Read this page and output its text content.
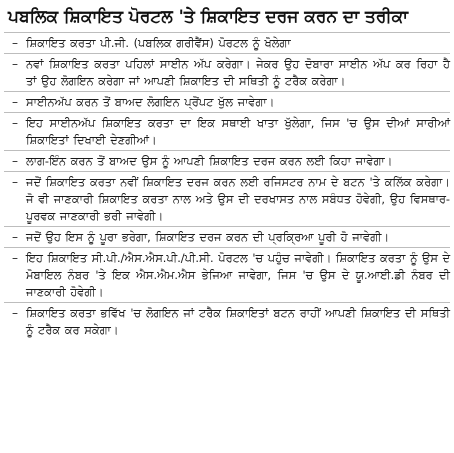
ਪਬਲਿਕ ਸ਼ਿਕਾਇਤ ਪੋਰਟਲ 'ਤੇ ਸ਼ਿਕਾਇਤ ਦਰਜ ਕਰਨ ਦਾ ਤਰੀਕਾ
– ਸ਼ਿਕਾਇਤ ਕਰਤਾ ਪੀ.ਜੀ. (ਪਬਲਿਕ ਗਰੀਵੈਂਸ) ਪੋਰਟਲ ਨੂੰ ਖੋਲੇਗਾ
– ਨਵਾਂ ਸ਼ਿਕਾਇਤ ਕਰਤਾ ਪਹਿਲਾਂ ਸਾਈਨ ਅੱਪ ਕਰੇਗਾ। ਜੇਕਰ ਉਹ ਦੋਬਾਰਾ ਸਾਈਨ ਅੱਪ ਕਰ ਰਿਹਾ ਹੈ ਤਾਂ ਉਹ ਲੋਗਇਨ ਕਰੇਗਾ ਜਾਂ ਆਪਣੀ ਸ਼ਿਕਾਇਤ ਦੀ ਸਥਿਤੀ ਨੂੰ ਟਰੈਕ ਕਰੇਗਾ।
– ਸਾਈਨਅੱਪ ਕਰਨ ਤੋਂ ਬਾਅਦ ਲੋਗਇਨ ਪ੍ਰੋਂਪਟ ਖੁੱਲ ਜਾਵੇਗਾ।
– ਇਹ ਸਾਈਨਅੱਪ ਸ਼ਿਕਾਇਤ ਕਰਤਾ ਦਾ ਇਕ ਸਥਾਈ ਖਾਤਾ ਖੁੱਲੇਗਾ, ਜਿਸ 'ਚ ਉਸ ਦੀਆਂ ਸਾਰੀਆਂ ਸ਼ਿਕਾਇਤਾਂ ਦਿਖਾਈ ਦੇਣਗੀਆਂ।
– ਲਾਗ-ਇੰਨ ਕਰਨ ਤੋਂ ਬਾਅਦ ਉਸ ਨੂੰ ਆਪਣੀ ਸ਼ਿਕਾਇਤ ਦਰਜ ਕਰਨ ਲਈ ਕਿਹਾ ਜਾਵੇਗਾ।
– ਜਦੋਂ ਸ਼ਿਕਾਇਤ ਕਰਤਾ ਨਵੀਂ ਸ਼ਿਕਾਇਤ ਦਰਜ ਕਰਨ ਲਈ ਰਜਿਸਟਰ ਨਾਮ ਦੇ ਬਟਨ 'ਤੇ ਕਲਿੱਕ ਕਰੇਗਾ। ਜੋ ਵੀ ਜਾਣਕਾਰੀ ਸ਼ਿਕਾਇਤ ਕਰਤਾ ਨਾਲ ਅਤੇ ਉਸ ਦੀ ਦਰਖਾਸਤ ਨਾਲ ਸਬੰਧਤ ਹੋਵੇਗੀ, ਉਹ ਵਿਸਥਾਰ-ਪੂਰਵਕ ਜਾਣਕਾਰੀ ਭਰੀ ਜਾਵੇਗੀ।
– ਜਦੋਂ ਉਹ ਇਸ ਨੂੰ ਪੂਰਾ ਭਰੇਗਾ, ਸ਼ਿਕਾਇਤ ਦਰਜ ਕਰਨ ਦੀ ਪ੍ਰਕ੍ਰਿਆ ਪੂਰੀ ਹੋ ਜਾਵੇਗੀ।
– ਇਹ ਸ਼ਿਕਾਇਤ ਸੀ.ਪੀ./ਐਸ.ਐਸ.ਪੀ./ਪੀ.ਸੀ. ਪੋਰਟਲ 'ਚ ਪਹੁੰਚ ਜਾਵੇਗੀ। ਸ਼ਿਕਾਇਤ ਕਰਤਾ ਨੂੰ ਉਸ ਦੇ ਮੋਬਾਇਲ ਨੰਬਰ 'ਤੇ ਇਕ ਐਸ.ਐਮ.ਐਸ ਭੇਜਿਆ ਜਾਵੇਗਾ, ਜਿਸ 'ਚ ਉਸ ਦੇ ਯੂ.ਆਈ.ਡੀ ਨੰਬਰ ਦੀ ਜਾਣਕਾਰੀ ਹੋਵੇਗੀ।
– ਸ਼ਿਕਾਇਤ ਕਰਤਾ ਭਵਿੱਖ 'ਚ ਲੋਗਇਨ ਜਾਂ ਟਰੈਕ ਸ਼ਿਕਾਇਤਾਂ ਬਟਨ ਰਾਹੀਂ ਆਪਣੀ ਸ਼ਿਕਾਇਤ ਦੀ ਸਥਿਤੀ ਨੂੰ ਟਰੈਕ ਕਰ ਸਕੇਗਾ।
